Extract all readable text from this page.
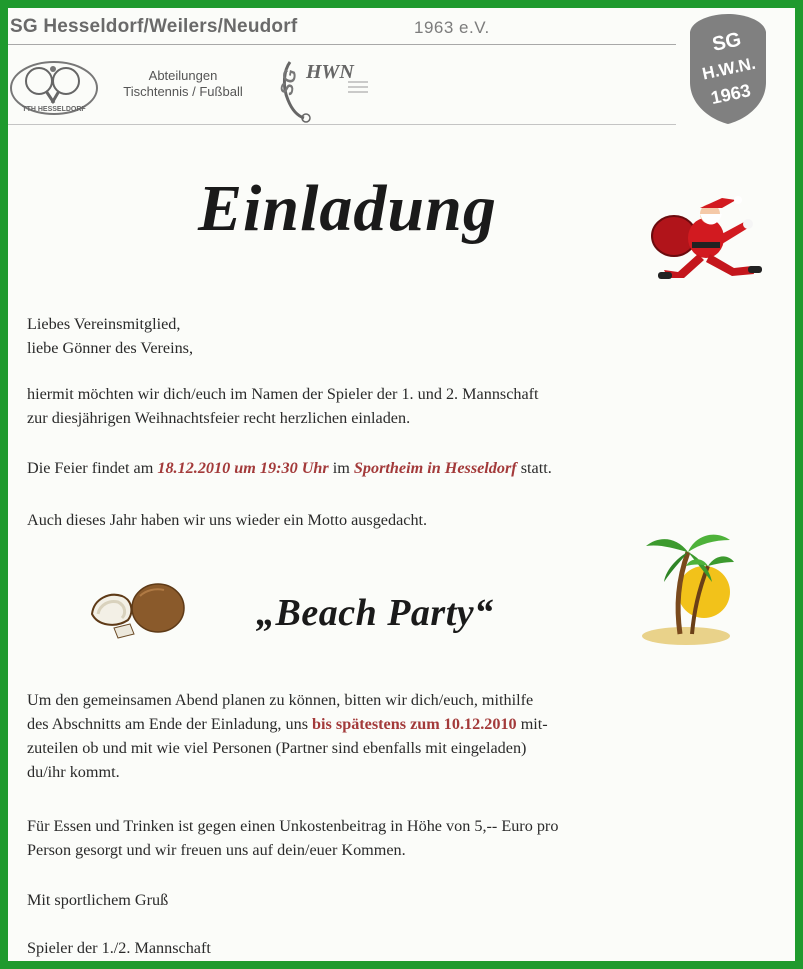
SG Hesseldorf/Weilers/Neudorf	1963 e.V.
TTH HESSELDORF
Abteilungen
Tischtennis / Fußball	SG HWN
SG
H.W.N.
1963
Einladung

Liebes Vereinsmitglied,
liebe Gönner des Vereins,

hiermit möchten wir dich/euch im Namen der Spieler der 1. und 2. Mannschaft
zur diesjährigen Weihnachtsfeier recht herzlichen einladen.

Die Feier findet am 18.12.2010 um 19:30 Uhr im Sportheim in Hesseldorf statt.

Auch dieses Jahr haben wir uns wieder ein Motto ausgedacht.

„Beach Party“

Um den gemeinsamen Abend planen zu können, bitten wir dich/euch, mithilfe
des Abschnitts am Ende der Einladung, uns bis spätestens zum 10.12.2010 mit-
zuteilen ob und mit wie viel Personen (Partner sind ebenfalls mit eingeladen)
du/ihr kommt.

Für Essen und Trinken ist gegen einen Unkostenbeitrag in Höhe von 5,-- Euro pro
Person gesorgt und wir freuen uns auf dein/euer Kommen.

Mit sportlichem Gruß

Spieler der 1./2. Mannschaft
